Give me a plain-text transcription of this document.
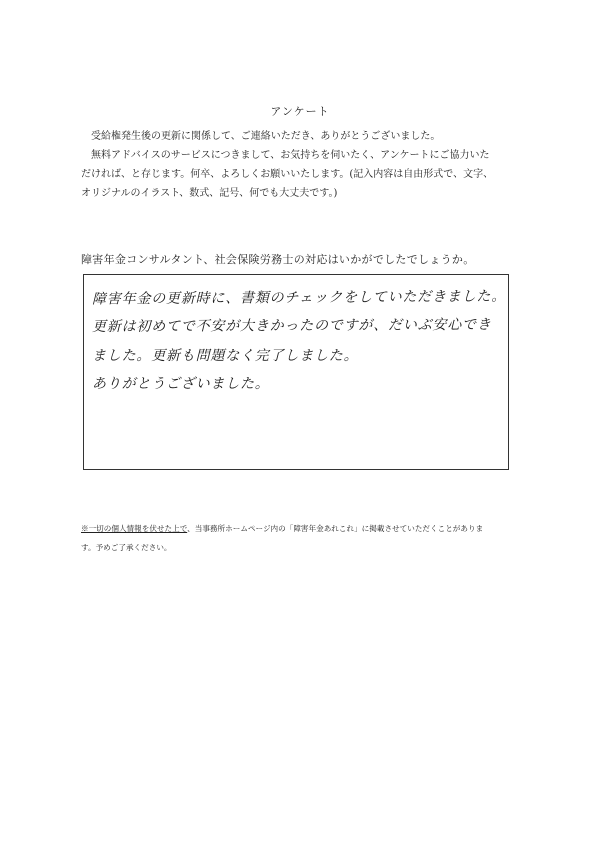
アンケート

受給権発生後の更新に関係して、ご連絡いただき、ありがとうございました。

無料アドバイスのサービスにつきまして、お気持ちを伺いたく、アンケートにご協力いた

だければ、と存じます。何卒、よろしくお願いいたします。(記入内容は自由形式で、文字、

オリジナルのイラスト、数式、記号、何でも大丈夫です。)

障害年金コンサルタント、社会保険労務士の対応はいかがでしたでしょうか。
障害年金の更新時に、書類のチェックをしていただきました。
更新は初めてで不安が大きかったのですが、だいぶ安心でき
ました。更新も問題なく完了しました。
ありがとうございました。

※一切の個人情報を伏せた上で、当事務所ホームページ内の「障害年金あれこれ」に掲載させていただくことがありま

す。予めご了承ください。
